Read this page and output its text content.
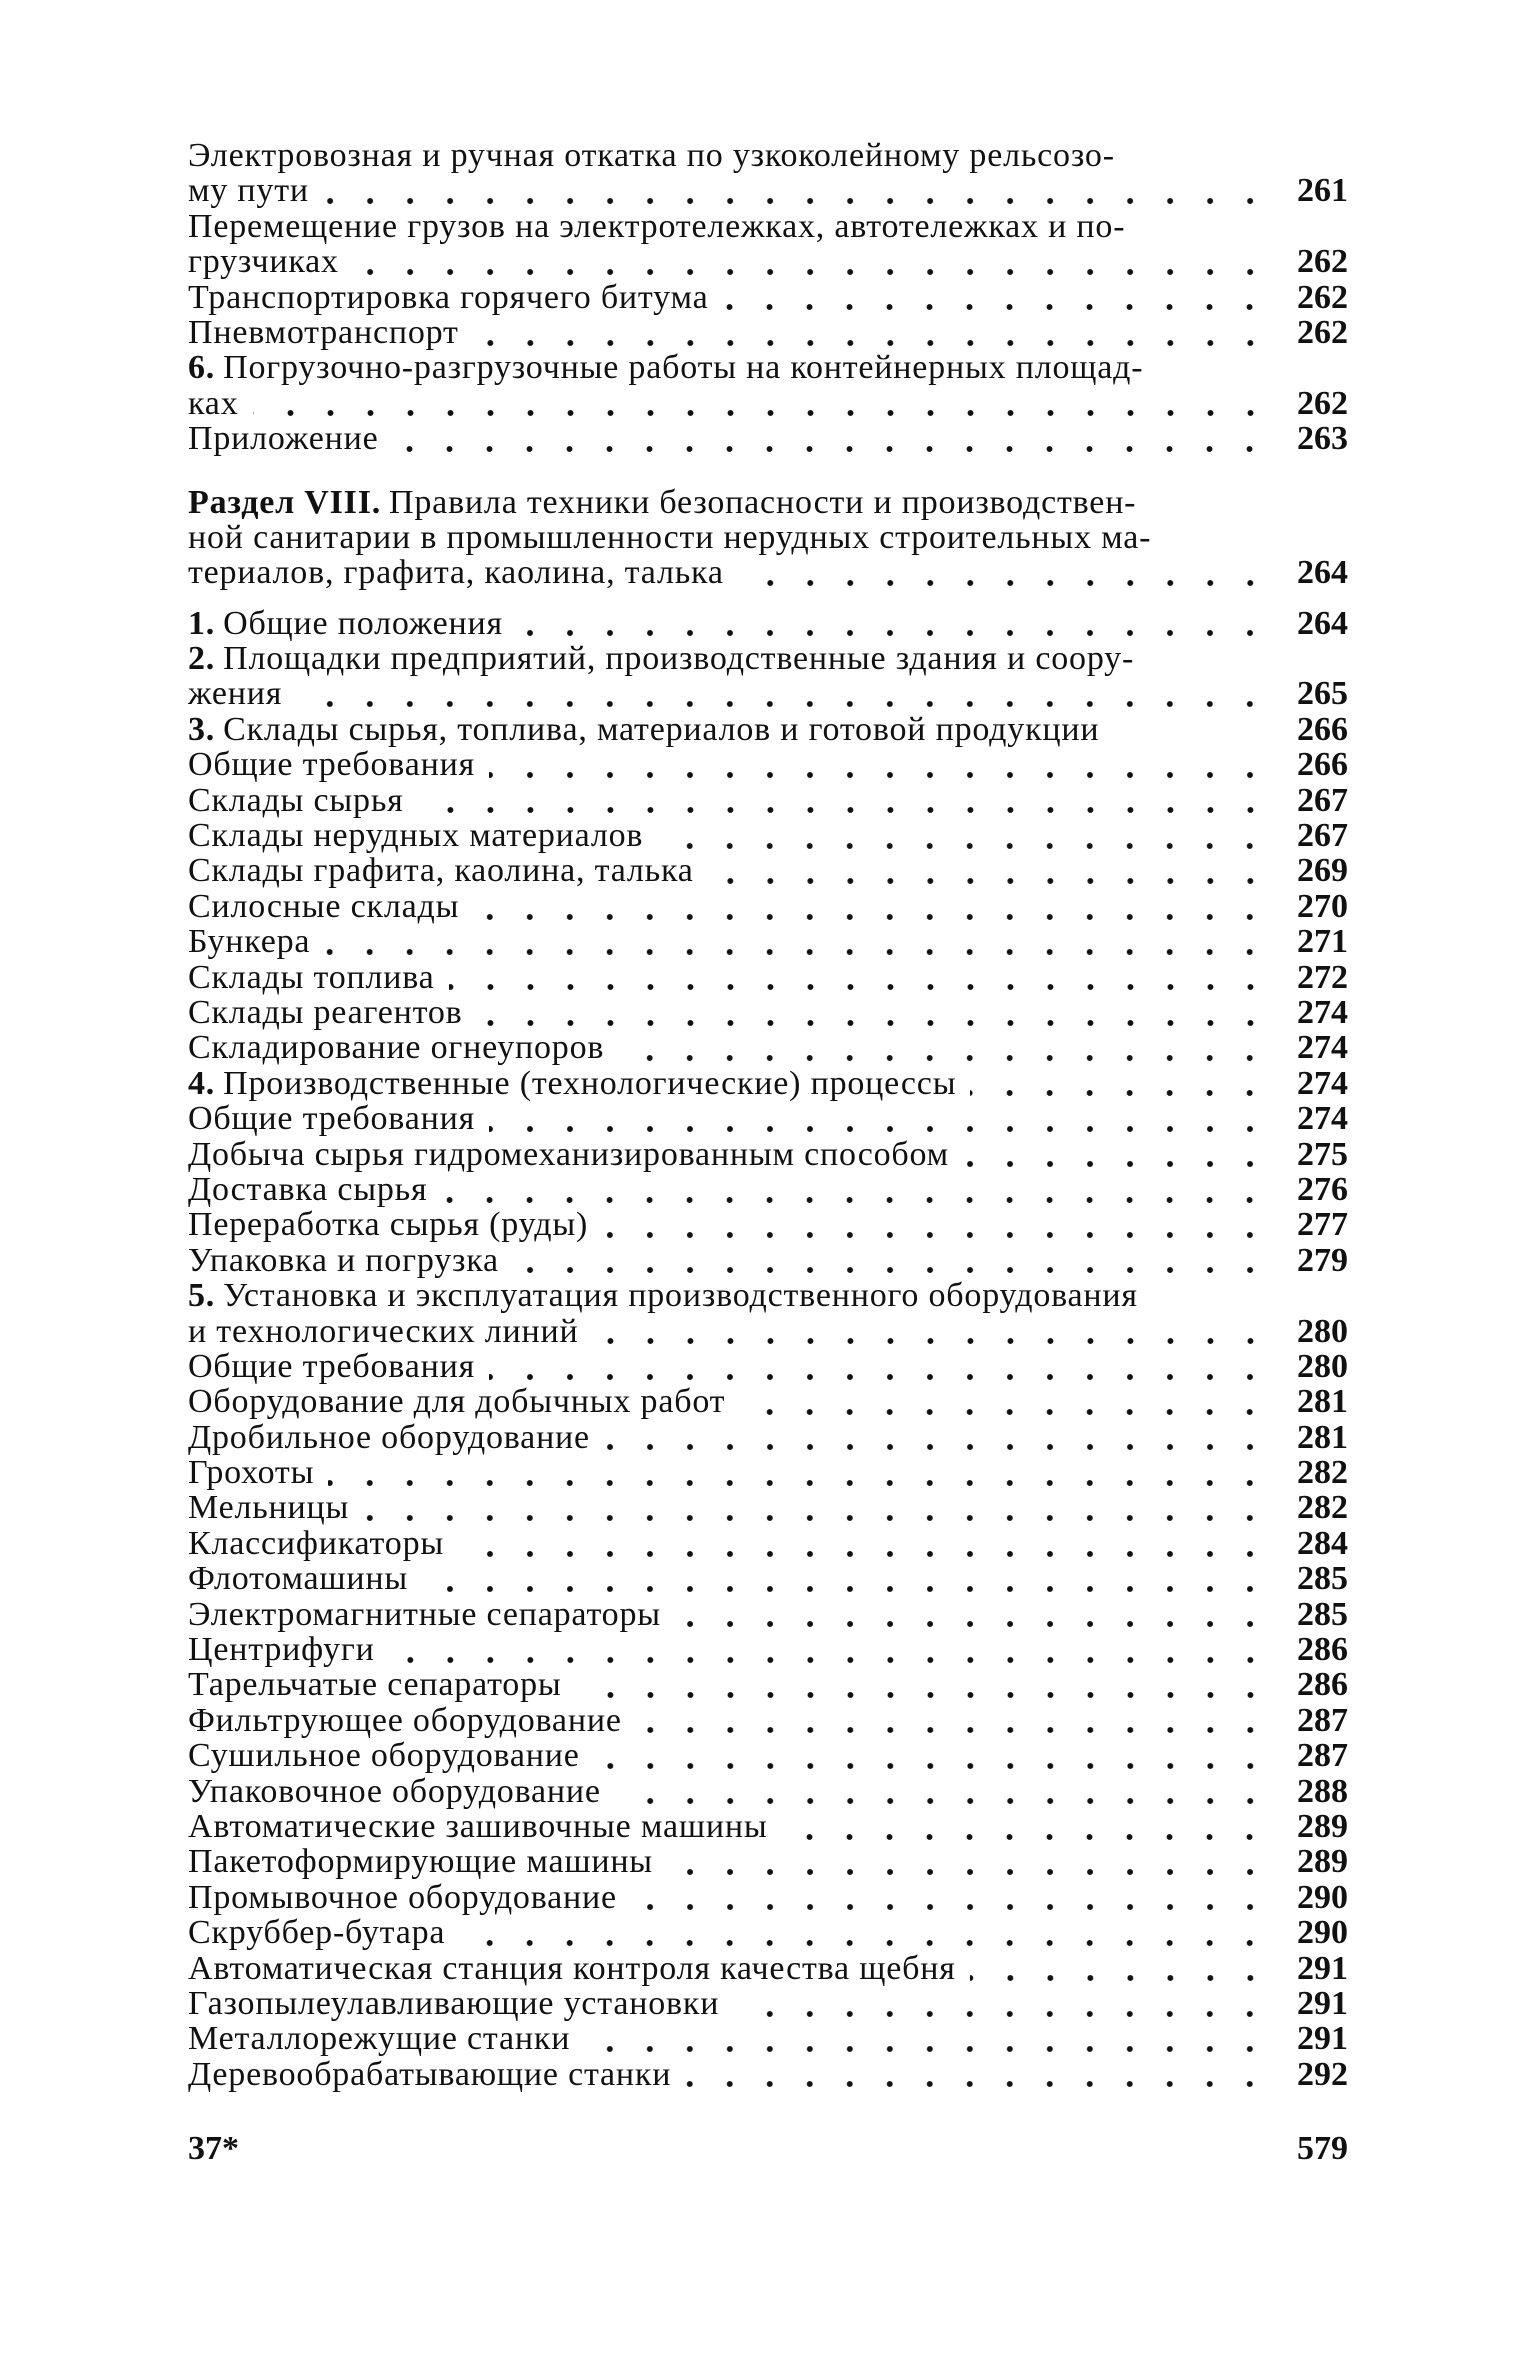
Электровозная и ручная откатка по узкоколейному рельсозо-
му пути	261
Перемещение грузов на электротележках, автотележках и по-
грузчиках	262
Транспортировка горячего битума	262
Пневмотранспорт	262
6. Погрузочно-разгрузочные работы на контейнерных площад-
ках	262
Приложение	263
Раздел VIII. Правила техники безопасности и производствен-
ной санитарии в промышленности нерудных строительных ма-
териалов, графита, каолина, талька	264
1. Общие положения	264
2. Площадки предприятий, производственные здания и соору-
жения	265
3. Склады сырья, топлива, материалов и готовой продукции	266
Общие требования	266
Склады сырья	267
Склады нерудных материалов	267
Склады графита, каолина, талька	269
Силосные склады	270
Бункера	271
Склады топлива	272
Склады реагентов	274
Складирование огнеупоров	274
4. Производственные (технологические) процессы	274
Общие требования	274
Добыча сырья гидромеханизированным способом	275
Доставка сырья	276
Переработка сырья (руды)	277
Упаковка и погрузка	279
5. Установка и эксплуатация производственного оборудования
и технологических линий	280
Общие требования	280
Оборудование для добычных работ	281
Дробильное оборудование	281
Грохоты	282
Мельницы	282
Классификаторы	284
Флотомашины	285
Электромагнитные сепараторы	285
Центрифуги	286
Тарельчатые сепараторы	286
Фильтрующее оборудование	287
Сушильное оборудование	287
Упаковочное оборудование	288
Автоматические зашивочные машины	289
Пакетоформирующие машины	289
Промывочное оборудование	290
Скруббер-бутара	290
Автоматическая станция контроля качества щебня	291
Газопылеулавливающие установки	291
Металлорежущие станки	291
Деревообрабатывающие станки	292
37*	579
